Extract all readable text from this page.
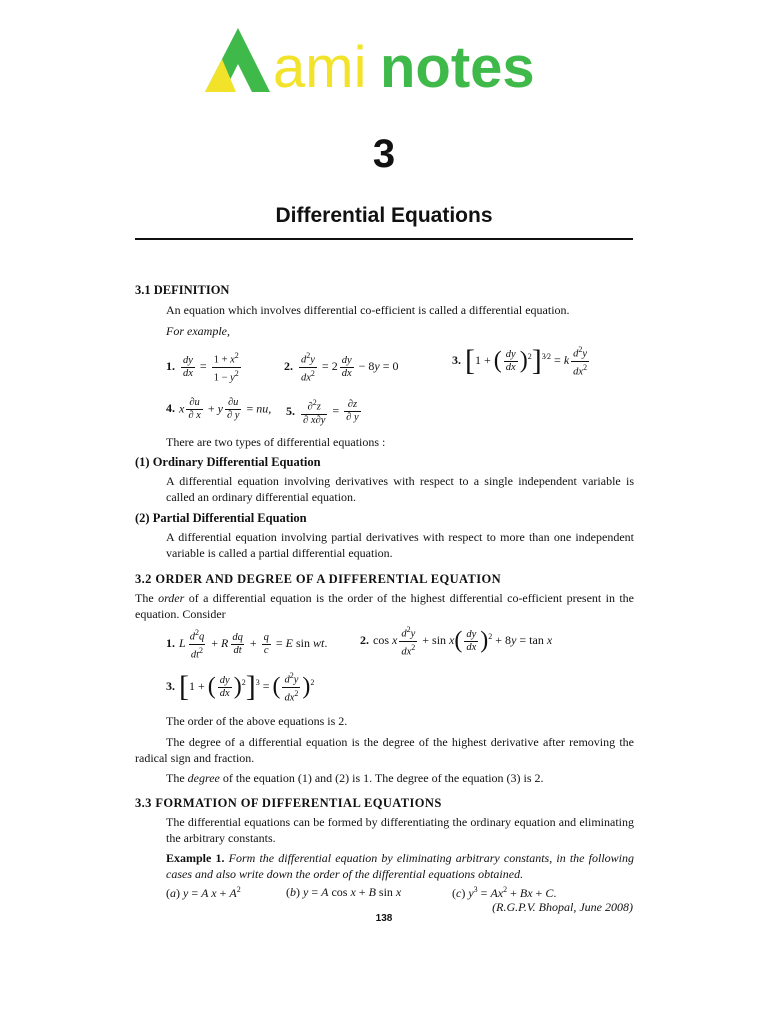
ami notes
3
Differential Equations
3.1 DEFINITION
An equation which involves differential co-efficient is called a differential equation.
For example,
1. $\frac{dy}{dx} = \frac{1 + x^2}{1 - y^2}$	2. $\frac{d^2y}{dx^2} = 2 \frac{dy}{dx} - 8y = 0$	3. [1 + ( $\frac{dy}{dx} )^2]^{3⁄2} = k \frac{d^2y}{dx^2}$
4. x $\frac{\partial u}{\partial x} + y \frac{\partial u}{\partial y}$ = nu, 5. $\frac{\partial^2z}{\partial x\partial y} = \frac{\partial z}{\partial y}$
There are two types of differential equations :
(1) Ordinary Differential Equation
A differential equation involving derivatives with respect to a single independent variable is called an ordinary differential equation.
(2) Partial Differential Equation
A differential equation involving partial derivatives with respect to more than one independent variable is called a partial differential equation.
3.2 ORDER AND DEGREE OF A DIFFERENTIAL EQUATION
The order of a differential equation is the order of the highest differential co-efficient present in the equation. Consider
1. L $\frac{d^2q}{dt^2} + R \frac{dq}{dt} + \frac{q}{c} = E$ sin wt.	2. cos x $\frac{d^2y}{dx^2} + \sin x( \frac{dy}{dx} )^2 + 8y = \tan x$
3. [1 + ( $\frac{dy}{dx} )^2]^3$ = ( $\frac{d^2y}{dx^2} )^2$
The order of the above equations is 2.
The degree of a differential equation is the degree of the highest derivative after removing the radical sign and fraction.
The degree of the equation (1) and (2) is 1. The degree of the equation (3) is 2.
3.3 FORMATION OF DIFFERENTIAL EQUATIONS
The differential equations can be formed by differentiating the ordinary equation and eliminating the arbitrary constants.
Example 1. Form the differential equation by eliminating arbitrary constants, in the following cases and also write down the order of the differential equations obtained.
(a) y = A $x + A^2$	(b) y = A cos x + B sin x	(c) $y^3 = Ax^2 + Bx + C$.
(R.G.P.V. Bhopal, June 2008)
138
